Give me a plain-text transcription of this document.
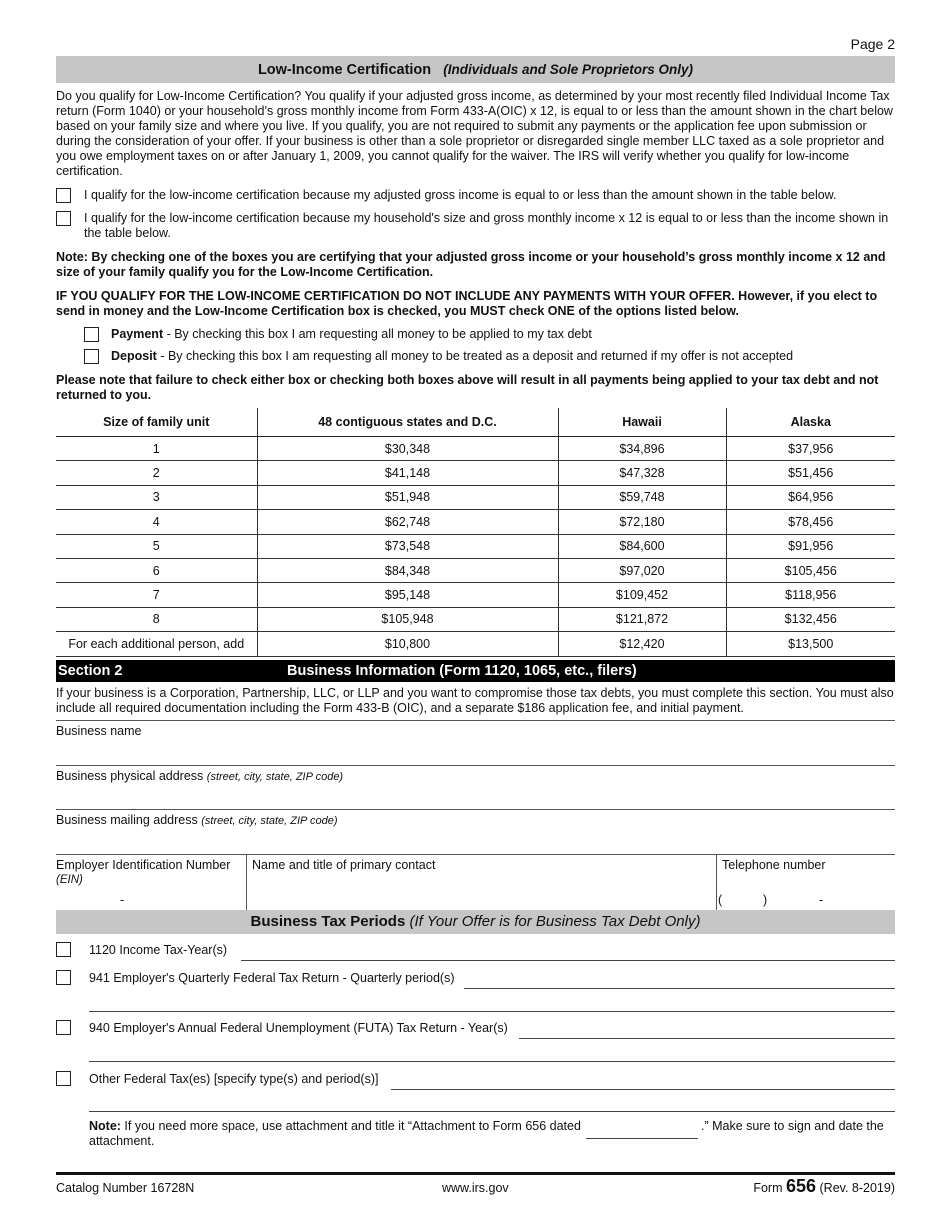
Page 2
Low-Income Certification (Individuals and Sole Proprietors Only)
Do you qualify for Low-Income Certification? You qualify if your adjusted gross income, as determined by your most recently filed Individual Income Tax return (Form 1040) or your household’s gross monthly income from Form 433-A(OIC) x 12, is equal to or less than the amount shown in the chart below based on your family size and where you live. If you qualify, you are not required to submit any payments or the application fee upon submission or during the consideration of your offer. If your business is other than a sole proprietor or disregarded single member LLC taxed as a sole proprietor and you owe employment taxes on or after January 1, 2009, you cannot qualify for the waiver. The IRS will verify whether you qualify for low-income certification.
I qualify for the low-income certification because my adjusted gross income is equal to or less than the amount shown in the table below.
I qualify for the low-income certification because my household's size and gross monthly income x 12 is equal to or less than the income shown in the table below.
Note: By checking one of the boxes you are certifying that your adjusted gross income or your household’s gross monthly income x 12 and size of your family qualify you for the Low-Income Certification.
IF YOU QUALIFY FOR THE LOW-INCOME CERTIFICATION DO NOT INCLUDE ANY PAYMENTS WITH YOUR OFFER. However, if you elect to send in money and the Low-Income Certification box is checked, you MUST check ONE of the options listed below.
Payment - By checking this box I am requesting all money to be applied to my tax debt
Deposit - By checking this box I am requesting all money to be treated as a deposit and returned if my offer is not accepted
Please note that failure to check either box or checking both boxes above will result in all payments being applied to your tax debt and not returned to you.
Size of family unit	48 contiguous states and D.C.	Hawaii	Alaska
1	$30,348	$34,896	$37,956
2	$41,148	$47,328	$51,456
3	$51,948	$59,748	$64,956
4	$62,748	$72,180	$78,456
5	$73,548	$84,600	$91,956
6	$84,348	$97,020	$105,456
7	$95,148	$109,452	$118,956
8	$105,948	$121,872	$132,456
For each additional person, add	$10,800	$12,420	$13,500
Section 2	Business Information (Form 1120, 1065, etc., filers)
If your business is a Corporation, Partnership, LLC, or LLP and you want to compromise those tax debts, you must complete this section. You must also include all required documentation including the Form 433-B (OIC), and a separate $186 application fee, and initial payment.
Business name
Business physical address (street, city, state, ZIP code)
Business mailing address (street, city, state, ZIP code)
Employer Identification Number
(EIN)
-
Name and title of primary contact	Telephone number
(	)	-
Business Tax Periods (If Your Offer is for Business Tax Debt Only)
1120 Income Tax-Year(s)
941 Employer's Quarterly Federal Tax Return - Quarterly period(s)
940 Employer's Annual Federal Unemployment (FUTA) Tax Return - Year(s)
Other Federal Tax(es) [specify type(s) and period(s)]
Note: If you need more space, use attachment and title it “Attachment to Form 656 dated	.” Make sure to sign and date the
attachment.
Catalog Number 16728N	www.irs.gov	Form 656 (Rev. 8-2019)
